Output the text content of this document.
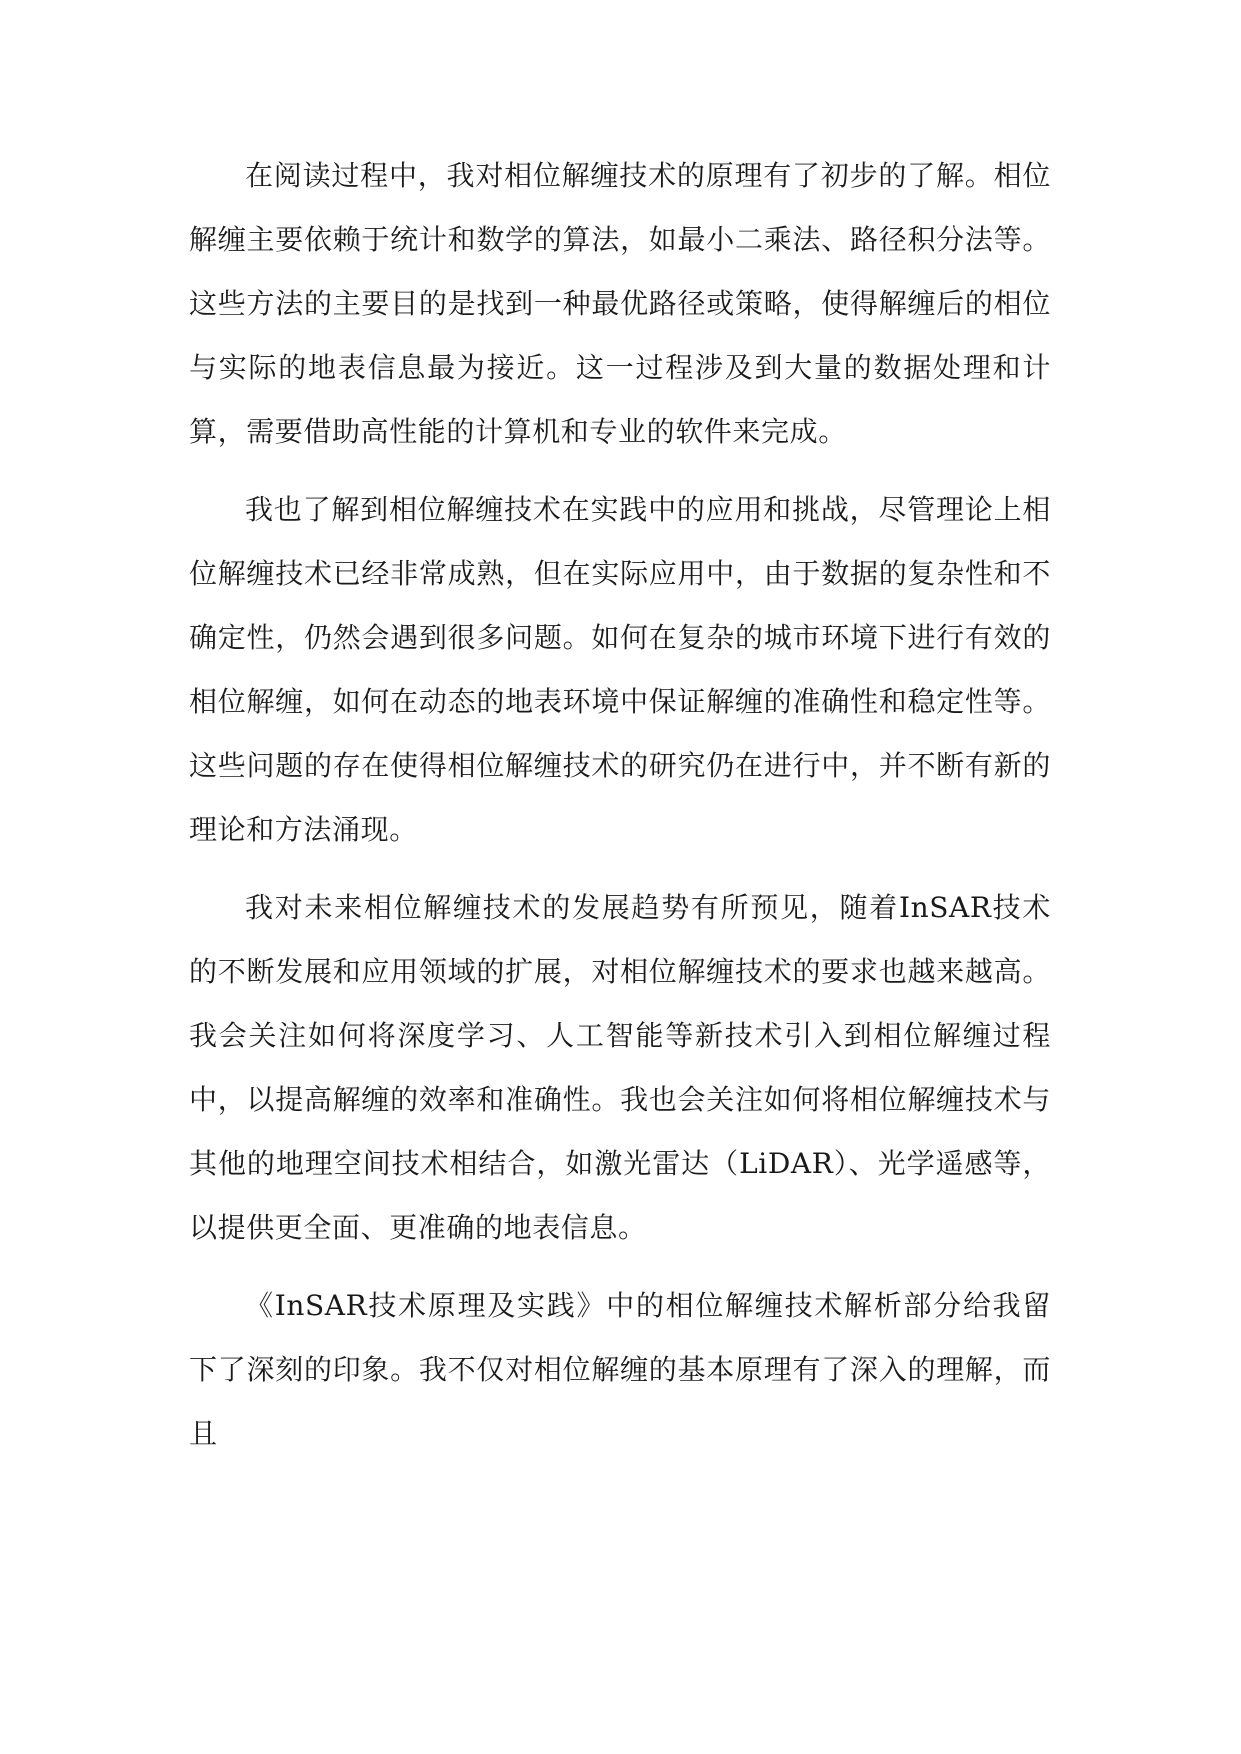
在阅读过程中，我对相位解缠技术的原理有了初步的了解。相位解缠主要依赖于统计和数学的算法，如最小二乘法、路径积分法等。这些方法的主要目的是找到一种最优路径或策略，使得解缠后的相位与实际的地表信息最为接近。这一过程涉及到大量的数据处理和计算，需要借助高性能的计算机和专业的软件来完成。

我也了解到相位解缠技术在实践中的应用和挑战，尽管理论上相位解缠技术已经非常成熟，但在实际应用中，由于数据的复杂性和不确定性，仍然会遇到很多问题。如何在复杂的城市环境下进行有效的相位解缠，如何在动态的地表环境中保证解缠的准确性和稳定性等。这些问题的存在使得相位解缠技术的研究仍在进行中，并不断有新的理论和方法涌现。

我对未来相位解缠技术的发展趋势有所预见，随着InSAR技术的不断发展和应用领域的扩展，对相位解缠技术的要求也越来越高。我会关注如何将深度学习、人工智能等新技术引入到相位解缠过程中，以提高解缠的效率和准确性。我也会关注如何将相位解缠技术与其他的地理空间技术相结合，如激光雷达（LiDAR）、光学遥感等，以提供更全面、更准确的地表信息。

《InSAR技术原理及实践》中的相位解缠技术解析部分给我留下了深刻的印象。我不仅对相位解缠的基本原理有了深入的理解，而且
